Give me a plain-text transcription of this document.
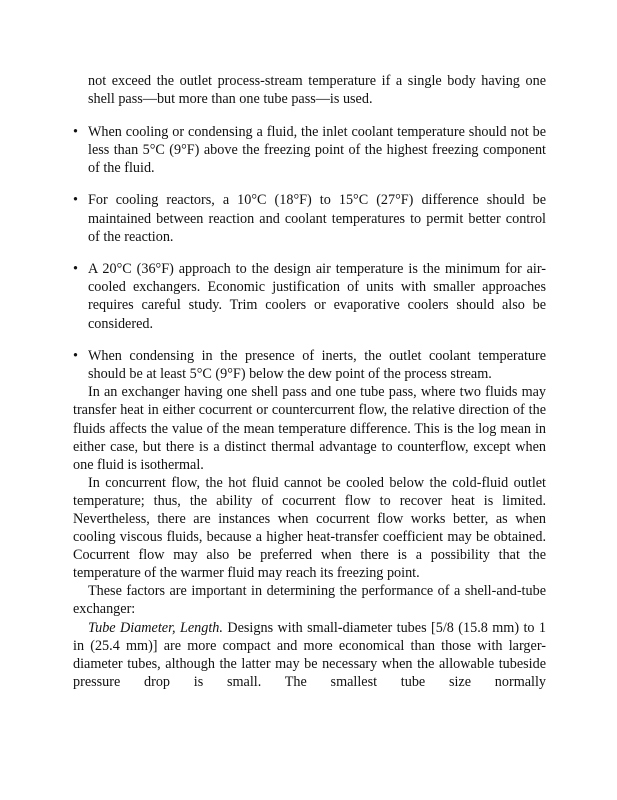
not exceed the outlet process-stream temperature if a single body having one shell pass—but more than one tube pass—is used.

• When cooling or condensing a fluid, the inlet coolant temperature should not be less than 5°C (9°F) above the freezing point of the highest freezing component of the fluid.
• For cooling reactors, a 10°C (18°F) to 15°C (27°F) difference should be maintained between reaction and coolant temperatures to permit better control of the reaction.
• A 20°C (36°F) approach to the design air temperature is the minimum for air-cooled exchangers. Economic justification of units with smaller approaches requires careful study. Trim coolers or evaporative coolers should also be considered.
• When condensing in the presence of inerts, the outlet coolant temperature should be at least 5°C (9°F) below the dew point of the process stream.

In an exchanger having one shell pass and one tube pass, where two fluids may transfer heat in either cocurrent or countercurrent flow, the relative direction of the fluids affects the value of the mean temperature difference. This is the log mean in either case, but there is a distinct thermal advantage to counterflow, except when one fluid is isothermal.

In concurrent flow, the hot fluid cannot be cooled below the cold-fluid outlet temperature; thus, the ability of cocurrent flow to recover heat is limited. Nevertheless, there are instances when cocurrent flow works better, as when cooling viscous fluids, because a higher heat-transfer coefficient may be obtained. Cocurrent flow may also be preferred when there is a possibility that the temperature of the warmer fluid may reach its freezing point.

These factors are important in determining the performance of a shell-and-tube exchanger:

Tube Diameter, Length. Designs with small-diameter tubes [5/8 (15.8 mm) to 1 in (25.4 mm)] are more compact and more economical than those with larger-diameter tubes, although the latter may be necessary when the allowable tubeside pressure drop is small. The smallest tube size normally
